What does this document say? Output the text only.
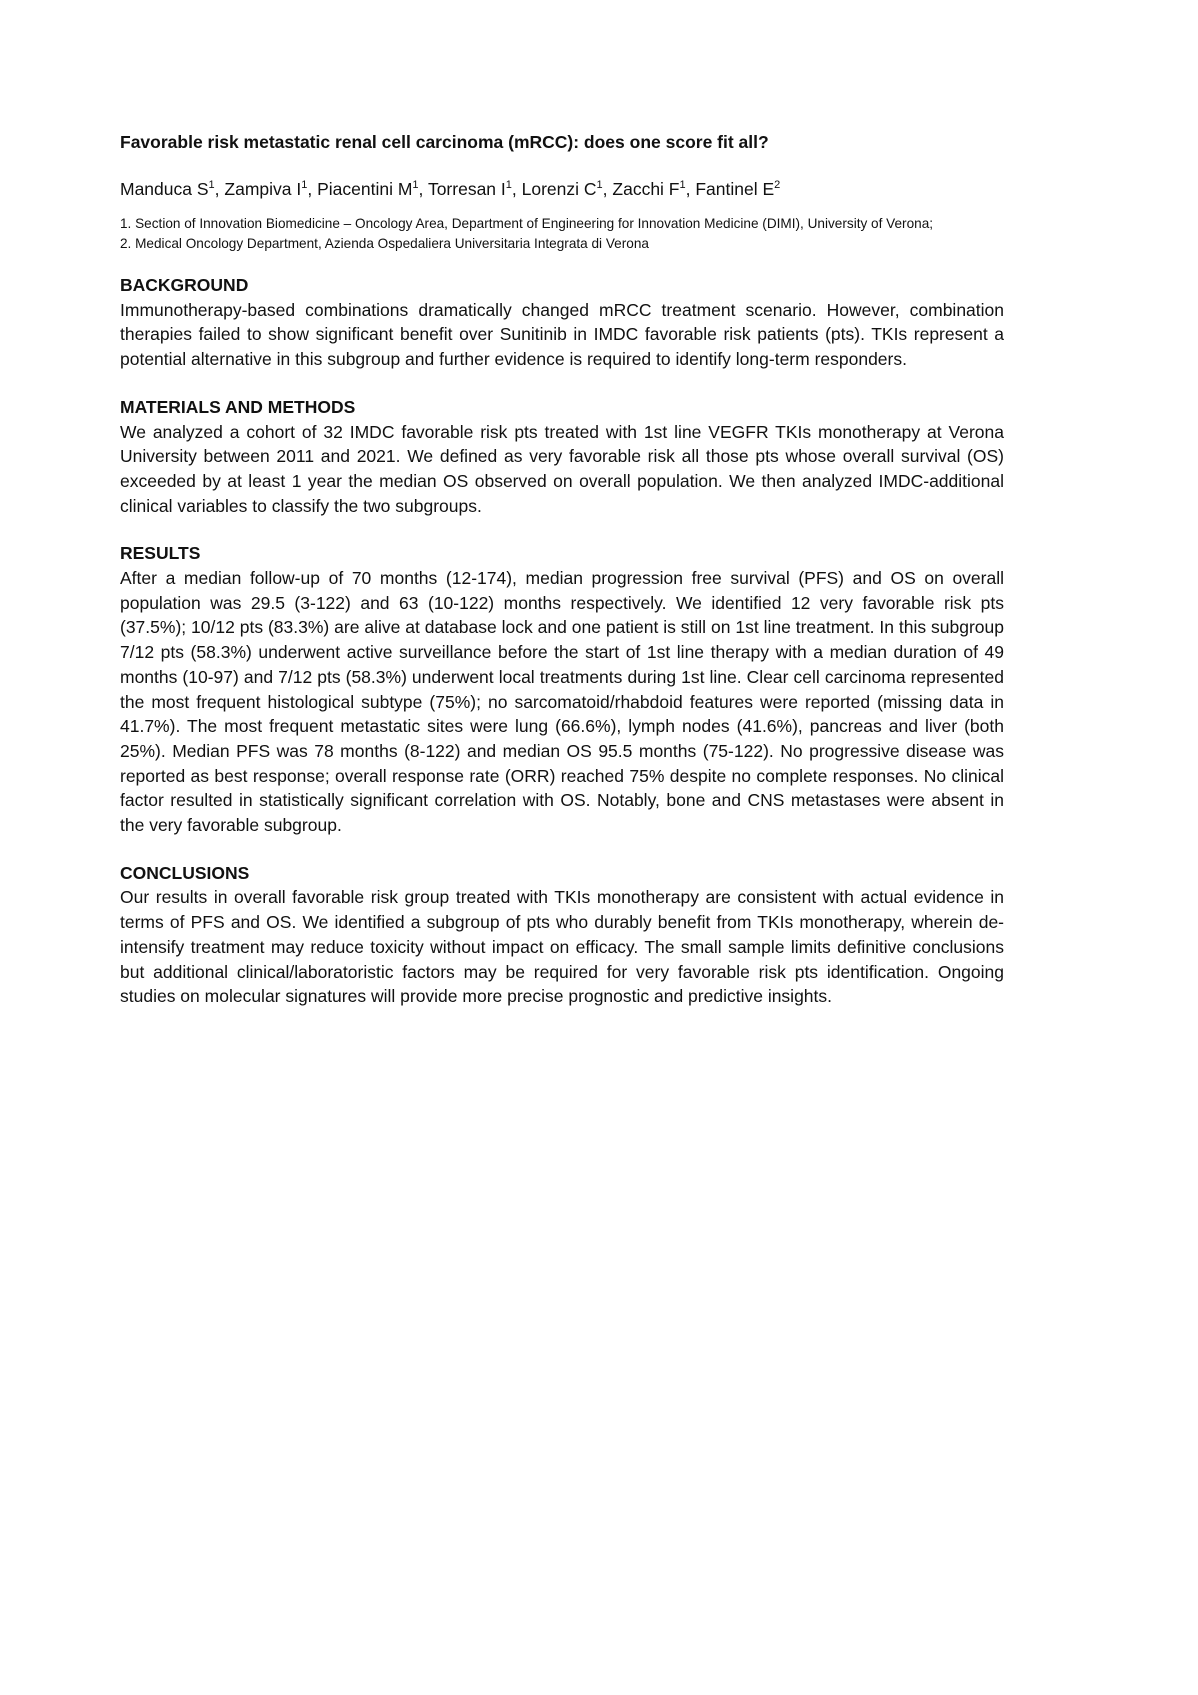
Favorable risk metastatic renal cell carcinoma (mRCC): does one score fit all?

Manduca $S^1$, Zampiva $I^1$, Piacentini $M^1$, Torresan $I^1$, Lorenzi $C^1$, Zacchi $F^1$, Fantinel $E^2$

1. Section of Innovation Biomedicine – Oncology Area, Department of Engineering for Innovation Medicine (DIMI), University of Verona;
2. Medical Oncology Department, Azienda Ospedaliera Universitaria Integrata di Verona
BACKGROUND

Immunotherapy-based combinations dramatically changed mRCC treatment scenario. However, combination therapies failed to show significant benefit over Sunitinib in IMDC favorable risk patients (pts). TKIs represent a potential alternative in this subgroup and further evidence is required to identify long-term responders.

MATERIALS AND METHODS

We analyzed a cohort of 32 IMDC favorable risk pts treated with 1st line VEGFR TKIs monotherapy at Verona University between 2011 and 2021. We defined as very favorable risk all those pts whose overall survival (OS) exceeded by at least 1 year the median OS observed on overall population. We then analyzed IMDC-additional clinical variables to classify the two subgroups.

RESULTS

After a median follow-up of 70 months (12-174), median progression free survival (PFS) and OS on overall population was 29.5 (3-122) and 63 (10-122) months respectively. We identified 12 very favorable risk pts (37.5%); 10/12 pts (83.3%) are alive at database lock and one patient is still on 1st line treatment. In this subgroup 7/12 pts (58.3%) underwent active surveillance before the start of 1st line therapy with a median duration of 49 months (10-97) and 7/12 pts (58.3%) underwent local treatments during 1st line. Clear cell carcinoma represented the most frequent histological subtype (75%); no sarcomatoid/rhabdoid features were reported (missing data in 41.7%). The most frequent metastatic sites were lung (66.6%), lymph nodes (41.6%), pancreas and liver (both 25%). Median PFS was 78 months (8-122) and median OS 95.5 months (75-122). No progressive disease was reported as best response; overall response rate (ORR) reached 75% despite no complete responses. No clinical factor resulted in statistically significant correlation with OS. Notably, bone and CNS metastases were absent in the very favorable subgroup.

CONCLUSIONS

Our results in overall favorable risk group treated with TKIs monotherapy are consistent with actual evidence in terms of PFS and OS. We identified a subgroup of pts who durably benefit from TKIs monotherapy, wherein de-intensify treatment may reduce toxicity without impact on efficacy. The small sample limits definitive conclusions but additional clinical/laboratoristic factors may be required for very favorable risk pts identification. Ongoing studies on molecular signatures will provide more precise prognostic and predictive insights.
